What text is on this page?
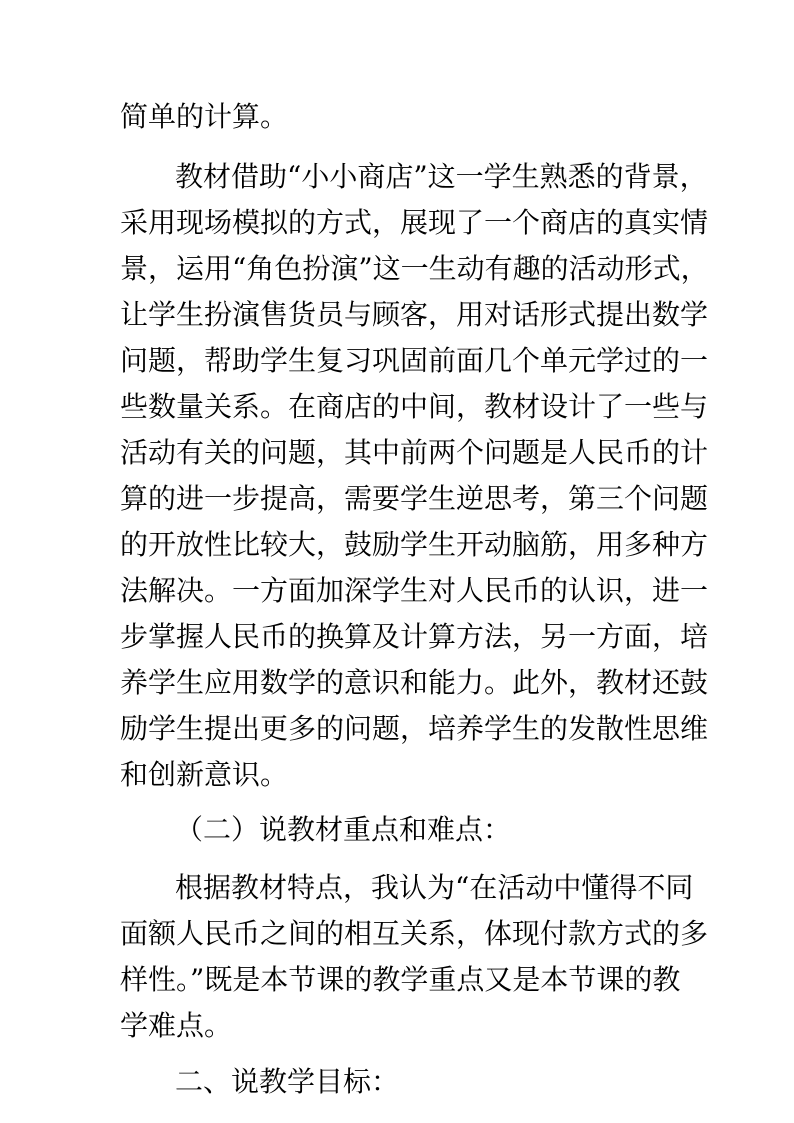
简单的计算。
教材借助“小小商店”这一学生熟悉的背景，
采用现场模拟的方式，展现了一个商店的真实情
景，运用“角色扮演”这一生动有趣的活动形式，
让学生扮演售货员与顾客，用对话形式提出数学
问题，帮助学生复习巩固前面几个单元学过的一
些数量关系。在商店的中间，教材设计了一些与
活动有关的问题，其中前两个问题是人民币的计
算的进一步提高，需要学生逆思考，第三个问题
的开放性比较大，鼓励学生开动脑筋，用多种方
法解决。一方面加深学生对人民币的认识，进一
步掌握人民币的换算及计算方法，另一方面，培
养学生应用数学的意识和能力。此外，教材还鼓
励学生提出更多的问题，培养学生的发散性思维
和创新意识。
（二）说教材重点和难点：
根据教材特点，我认为“在活动中懂得不同
面额人民币之间的相互关系，体现付款方式的多
样性。”既是本节课的教学重点又是本节课的教
学难点。
二、说教学目标：
